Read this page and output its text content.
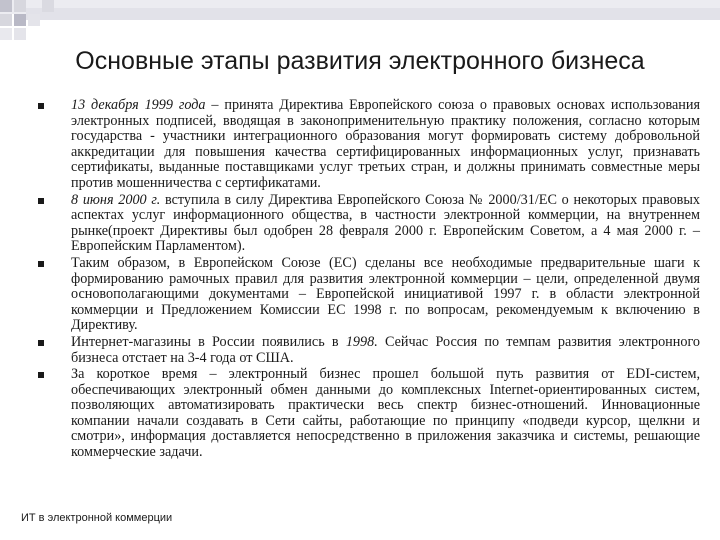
Основные этапы развития электронного бизнеса

13 декабря 1999 года – принята Директива Европейского союза о правовых основах использования электронных подписей, вводящая в законоприменительную практику положения, согласно которым государства - участники интеграционного образования могут формировать систему добровольной аккредитации для повышения качества сертифицированных информационных услуг, признавать сертификаты, выданные поставщиками услуг третьих стран, и должны принимать совместные меры против мошенничества с сертификатами.

8 июня 2000 г. вступила в силу Директива Европейского Союза № 2000/31/ЕС о некоторых правовых аспектах услуг информационного общества, в частности электронной коммерции, на внутреннем рынке(проект Директивы был одобрен 28 февраля 2000 г. Европейским Советом, а 4 мая 2000 г. – Европейским Парламентом).

Таким образом, в Европейском Союзе (ЕС) сделаны все необходимые предварительные шаги к формированию рамочных правил для развития электронной коммерции – цели, определенной двумя основополагающими документами – Европейской инициативой 1997 г. в области электронной коммерции и Предложением Комиссии ЕС 1998 г. по вопросам, рекомендуемым к включению в Директиву.

Интернет-магазины в России появились в 1998. Сейчас Россия по темпам развития электронного бизнеса отстает на 3-4 года от США.

За короткое время – электронный бизнес прошел большой путь развития от EDI-систем, обеспечивающих электронный обмен данными до комплексных Internet-ориентированных систем, позволяющих автоматизировать практически весь спектр бизнес-отношений. Инновационные компании начали создавать в Сети сайты, работающие по принципу «подведи курсор, щелкни и смотри», информация доставляется непосредственно в приложения заказчика и системы, решающие коммерческие задачи.

ИТ в электронной коммерции
